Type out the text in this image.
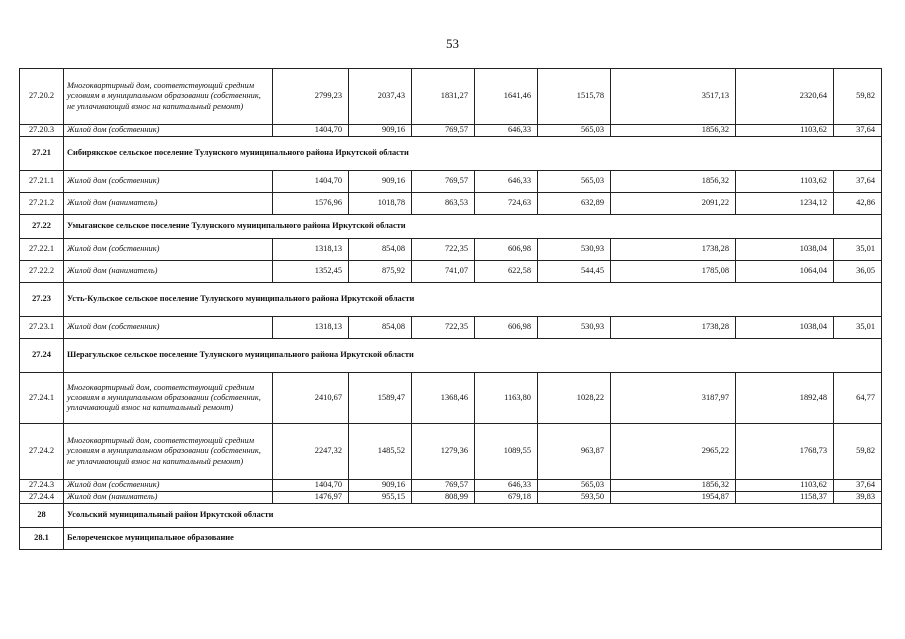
53
27.20.2	Многоквартирный дом, соответствующий средним условиям в муниципальном образовании (собственник, не уплачивающий взнос на капитальный ремонт)	2799,23	2037,43	1831,27	1641,46	1515,78	3517,13	2320,64	59,82
27.20.3	Жилой дом (собственник)	1404,70	909,16	769,57	646,33	565,03	1856,32	1103,62	37,64
27.21	Сибирякское сельское поселение Тулунского муниципального района Иркутской области								
27.21.1	Жилой дом (собственник)	1404,70	909,16	769,57	646,33	565,03	1856,32	1103,62	37,64
27.21.2	Жилой дом (наниматель)	1576,96	1018,78	863,53	724,63	632,89	2091,22	1234,12	42,86
27.22	Умыганское сельское поселение Тулунского муниципального района Иркутской области								
27.22.1	Жилой дом (собственник)	1318,13	854,08	722,35	606,98	530,93	1738,28	1038,04	35,01
27.22.2	Жилой дом (наниматель)	1352,45	875,92	741,07	622,58	544,45	1785,08	1064,04	36,05
27.23	Усть-Кульское сельское поселение Тулунского муниципального района Иркутской области								
27.23.1	Жилой дом (собственник)	1318,13	854,08	722,35	606,98	530,93	1738,28	1038,04	35,01
27.24	Шерагульское сельское поселение Тулунского муниципального района Иркутской области								
27.24.1	Многоквартирный дом, соответствующий средним условиям в муниципальном образовании (собственник, уплачивающий взнос на капитальный ремонт)	2410,67	1589,47	1368,46	1163,80	1028,22	3187,97	1892,48	64,77
27.24.2	Многоквартирный дом, соответствующий средним условиям в муниципальном образовании (собственник, не уплачивающий взнос на капитальный ремонт)	2247,32	1485,52	1279,36	1089,55	963,87	2965,22	1768,73	59,82
27.24.3	Жилой дом (собственник)	1404,70	909,16	769,57	646,33	565,03	1856,32	1103,62	37,64
27.24.4	Жилой дом (наниматель)	1476,97	955,15	808,99	679,18	593,50	1954,87	1158,37	39,83
28	Усольский муниципальный район Иркутской области								
28.1	Белореченское муниципальное образование								
